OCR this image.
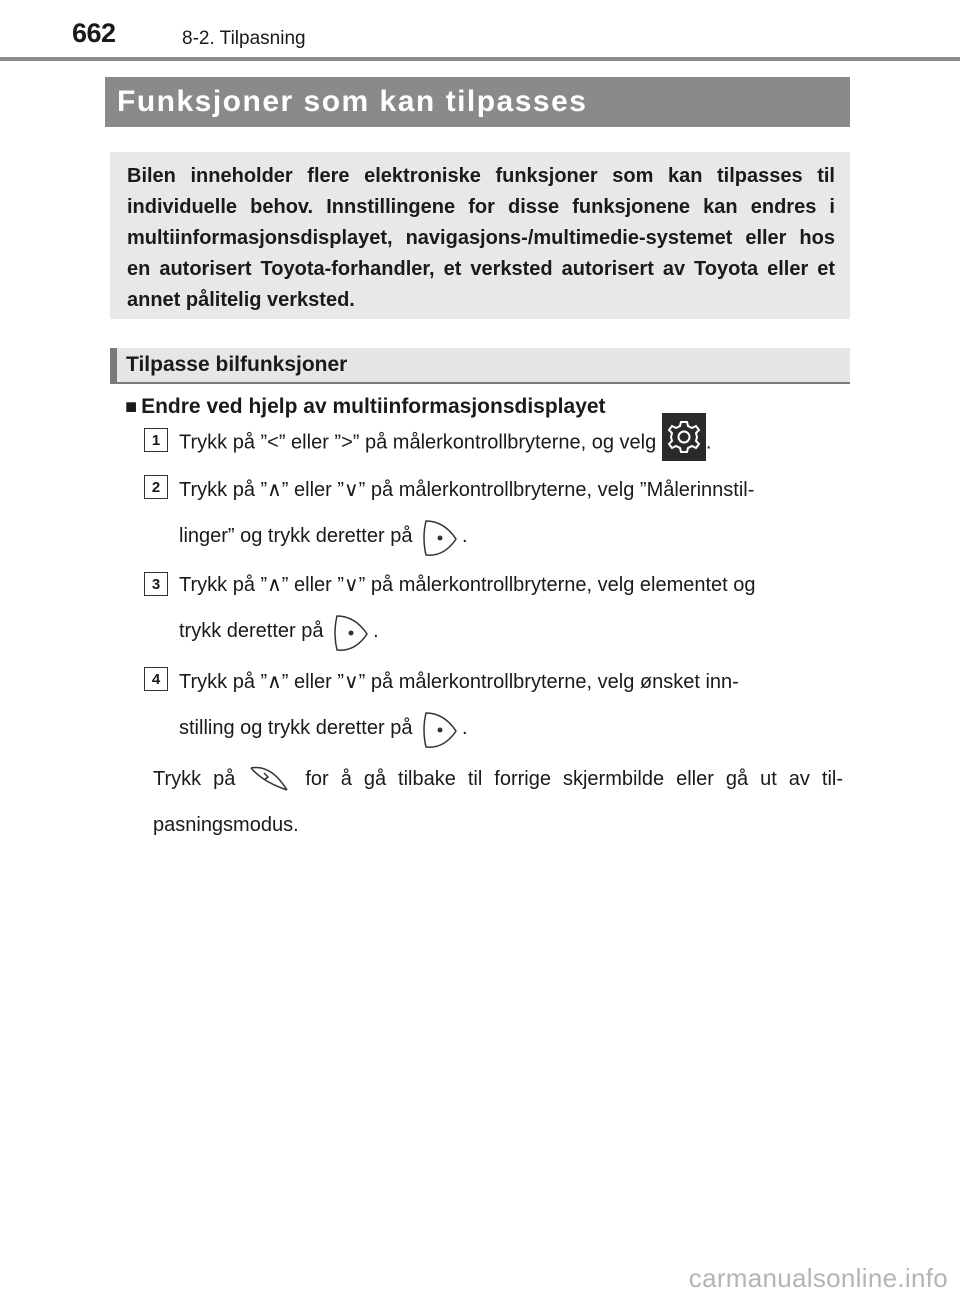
662	8-2. Tilpasning
Funksjoner som kan tilpasses

Bilen inneholder flere elektroniske funksjoner som kan tilpasses til individuelle behov. Innstillingene for disse funksjonene kan endres i multiinformasjonsdisplayet, navigasjons-/multimedie-systemet eller hos en autorisert Toyota-forhandler, et verksted autorisert av Toyota eller et annet pålitelig verksted.

Tilpasse bilfunksjoner
■ Endre ved hjelp av multiinformasjonsdisplayet
1 Trykk på ”<” eller ”>” på målerkontrollbryterne, og velg .
2 Trykk på ”∧” eller ”∨” på målerkontrollbryterne, velg ”Målerinnstil-
linger” og trykk deretter på .
3 Trykk på ”∧” eller ”∨” på målerkontrollbryterne, velg elementet og
trykk deretter på .
4 Trykk på ”∧” eller ”∨” på målerkontrollbryterne, velg ønsket inn-
stilling og trykk deretter på .
Trykk på	for å gå tilbake til forrige skjermbilde eller gå ut av til-pasningsmodus.
carmanualsonline.info
